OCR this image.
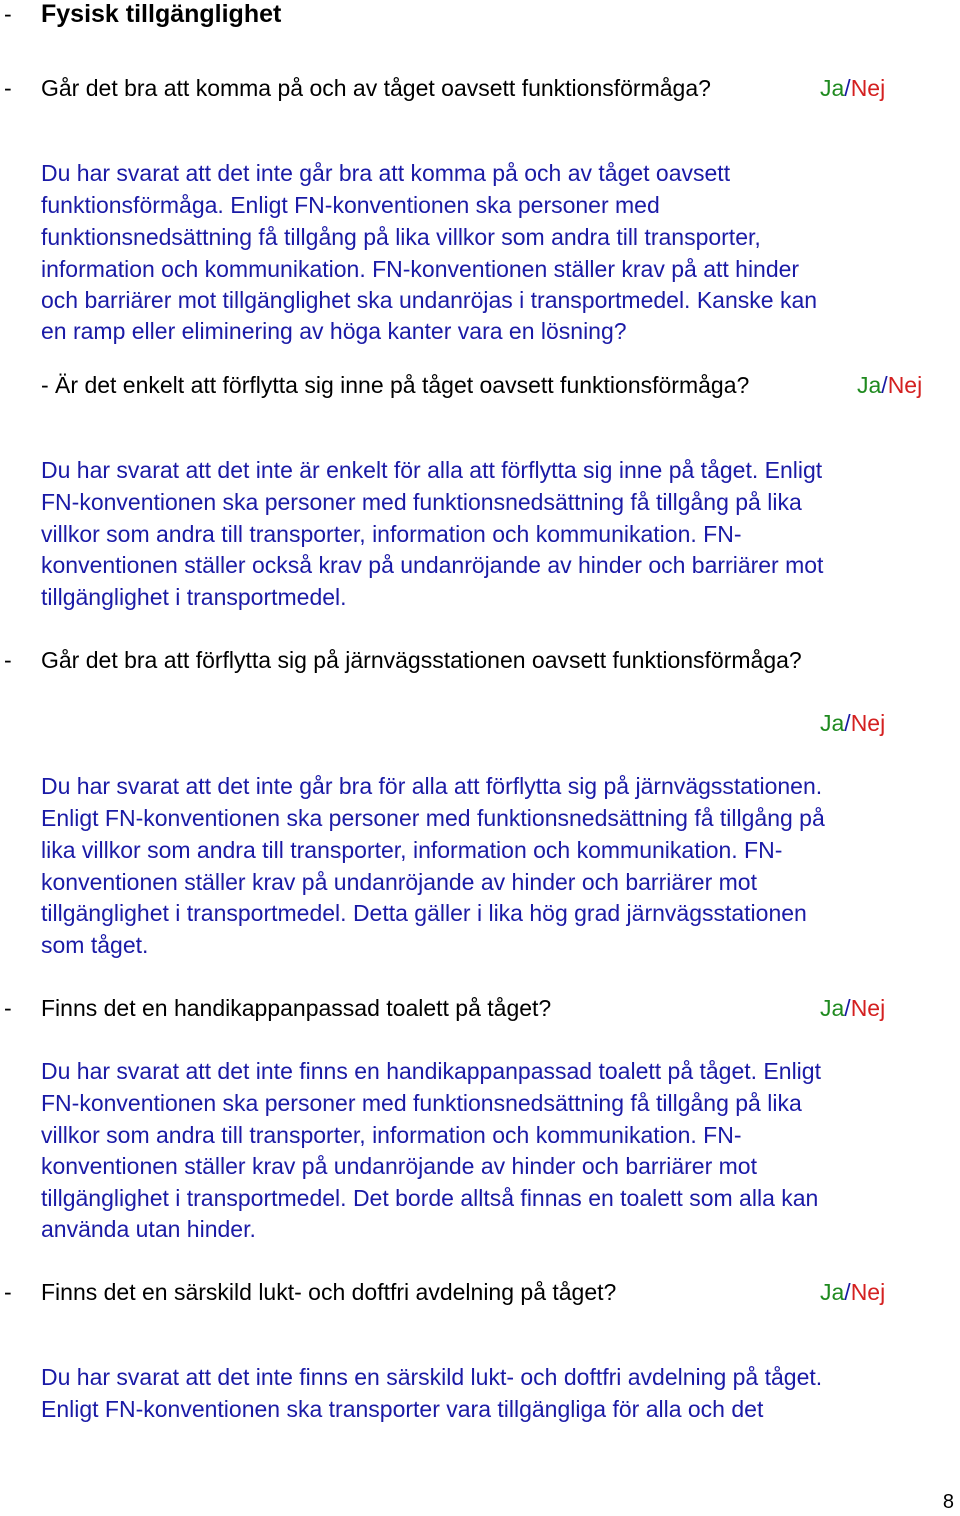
- Fysisk tillgänglighet
- Går det bra att komma på och av tåget oavsett funktionsförmåga?	Ja/Nej
Du har svarat att det inte går bra att komma på och av tåget oavsett
funktionsförmåga. Enligt FN-konventionen ska personer med
funktionsnedsättning få tillgång på lika villkor som andra till transporter,
information och kommunikation. FN-konventionen ställer krav på att hinder
och barriärer mot tillgänglighet ska undanröjas i transportmedel. Kanske kan
en ramp eller eliminering av höga kanter vara en lösning?
- Är det enkelt att förflytta sig inne på tåget oavsett funktionsförmåga?	Ja/Nej
Du har svarat att det inte är enkelt för alla att förflytta sig inne på tåget. Enligt
FN-konventionen ska personer med funktionsnedsättning få tillgång på lika
villkor som andra till transporter, information och kommunikation. FN-
konventionen ställer också krav på undanröjande av hinder och barriärer mot
tillgänglighet i transportmedel.
- Går det bra att förflytta sig på järnvägsstationen oavsett funktionsförmåga?
Ja/Nej
Du har svarat att det inte går bra för alla att förflytta sig på järnvägsstationen.
Enligt FN-konventionen ska personer med funktionsnedsättning få tillgång på
lika villkor som andra till transporter, information och kommunikation. FN-
konventionen ställer krav på undanröjande av hinder och barriärer mot
tillgänglighet i transportmedel. Detta gäller i lika hög grad järnvägsstationen
som tåget.
- Finns det en handikappanpassad toalett på tåget?	Ja/Nej
Du har svarat att det inte finns en handikappanpassad toalett på tåget. Enligt
FN-konventionen ska personer med funktionsnedsättning få tillgång på lika
villkor som andra till transporter, information och kommunikation. FN-
konventionen ställer krav på undanröjande av hinder och barriärer mot
tillgänglighet i transportmedel. Det borde alltså finnas en toalett som alla kan
använda utan hinder.
- Finns det en särskild lukt- och doftfri avdelning på tåget?	Ja/Nej
Du har svarat att det inte finns en särskild lukt- och doftfri avdelning på tåget.
Enligt FN-konventionen ska transporter vara tillgängliga för alla och det
8
